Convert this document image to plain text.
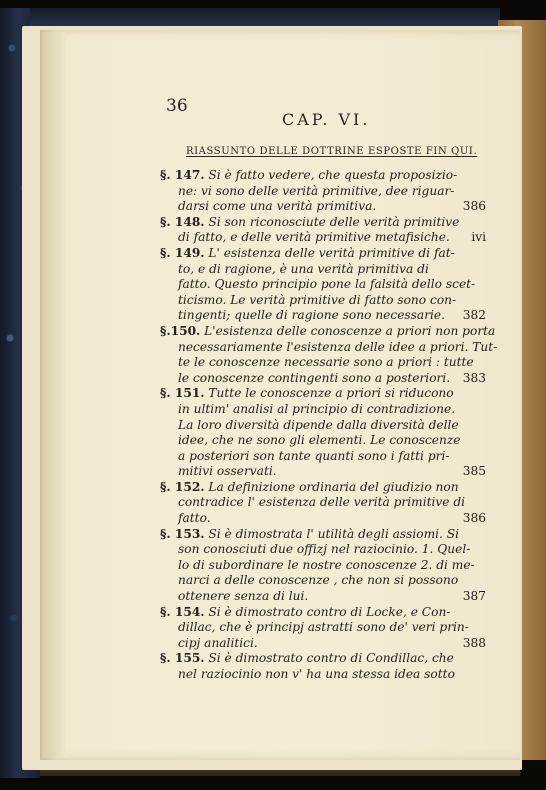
36
CAP. VI.
RIASSUNTO DELLE DOTTRINE ESPOSTE FIN QUI.
§. 147. Si è fatto vedere, che questa proposizio-
ne: vi sono delle verità primitive, dee riguar-
darsi come una verità primitiva.	386
§. 148. Si son riconosciute delle verità primitive
di fatto, e delle verità primitive metafisiche. ivi
§. 149. L' esistenza delle verità primitive di fat-
to, e di ragione, è una verità primitiva di
fatto. Questo principio pone la falsità dello scet-
ticismo. Le verità primitive di fatto sono con-
tingenti; quelle di ragione sono necessarie. 382
§.150. L'esistenza delle conoscenze a priori non porta
necessariamente l'esistenza delle idee a priori. Tut-
te le conoscenze necessarie sono a priori : tutte
le conoscenze contingenti sono a posteriori. 383
§. 151. Tutte le conoscenze a priori si riducono
in ultim' analisi al principio di contradizione.
La loro diversità dipende dalla diversità delle
idee, che ne sono gli elementi. Le conoscenze
a posteriori son tante quanti sono i fatti pri-
mitivi osservati.	385
§. 152. La definizione ordinaria del giudizio non
contradice l' esistenza delle verità primitive di
fatto.	386
§. 153. Si è dimostrata l' utilità degli assiomi. Si
son conosciuti due offizj nel raziocinio. 1. Quel-
lo di subordinare le nostre conoscenze 2. di me-
narci a delle conoscenze , che non si possono
ottenere senza di lui.	387
§. 154. Si è dimostrato contro di Locke, e Con-
dillac, che è principj astratti sono de' veri prin-
cipj analitici.	388
§. 155. Si è dimostrato contro di Condillac, che
nel raziocinio non v' ha una stessa idea sotto
